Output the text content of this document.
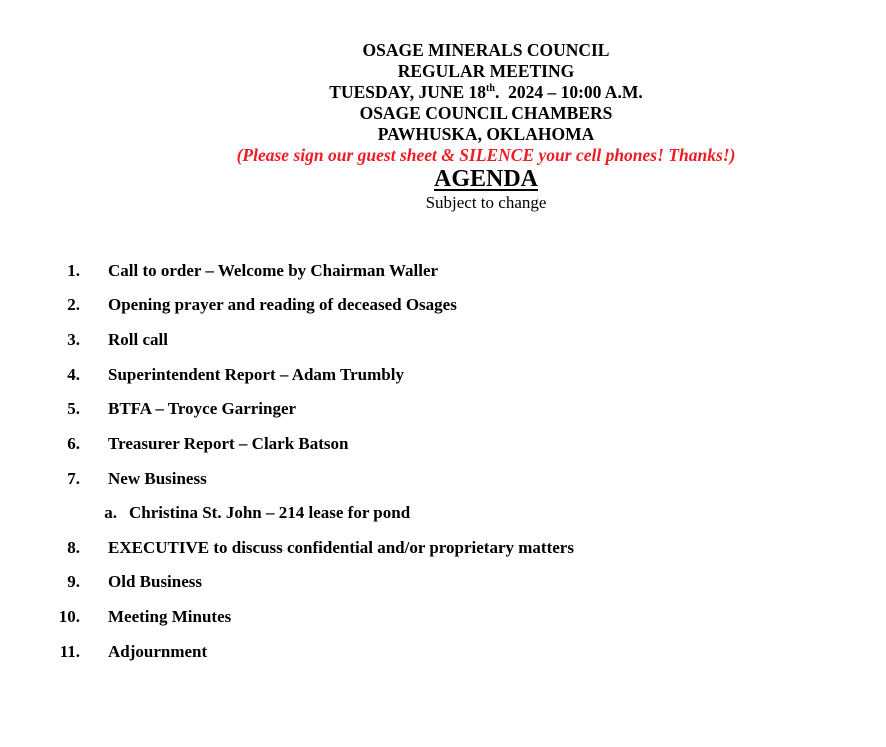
OSAGE MINERALS COUNCIL
REGULAR MEETING
TUESDAY, JUNE 18th.  2024 – 10:00 A.M.
OSAGE COUNCIL CHAMBERS
PAWHUSKA, OKLAHOMA
(Please sign our guest sheet & SILENCE your cell phones! Thanks!)
AGENDA
Subject to change
1. Call to order – Welcome by Chairman Waller
2. Opening prayer and reading of deceased Osages
3. Roll call
4. Superintendent Report – Adam Trumbly
5. BTFA – Troyce Garringer
6. Treasurer Report – Clark Batson
7. New Business
a. Christina St. John – 214 lease for pond
8. EXECUTIVE to discuss confidential and/or proprietary matters
9. Old Business
10. Meeting Minutes
11. Adjournment
